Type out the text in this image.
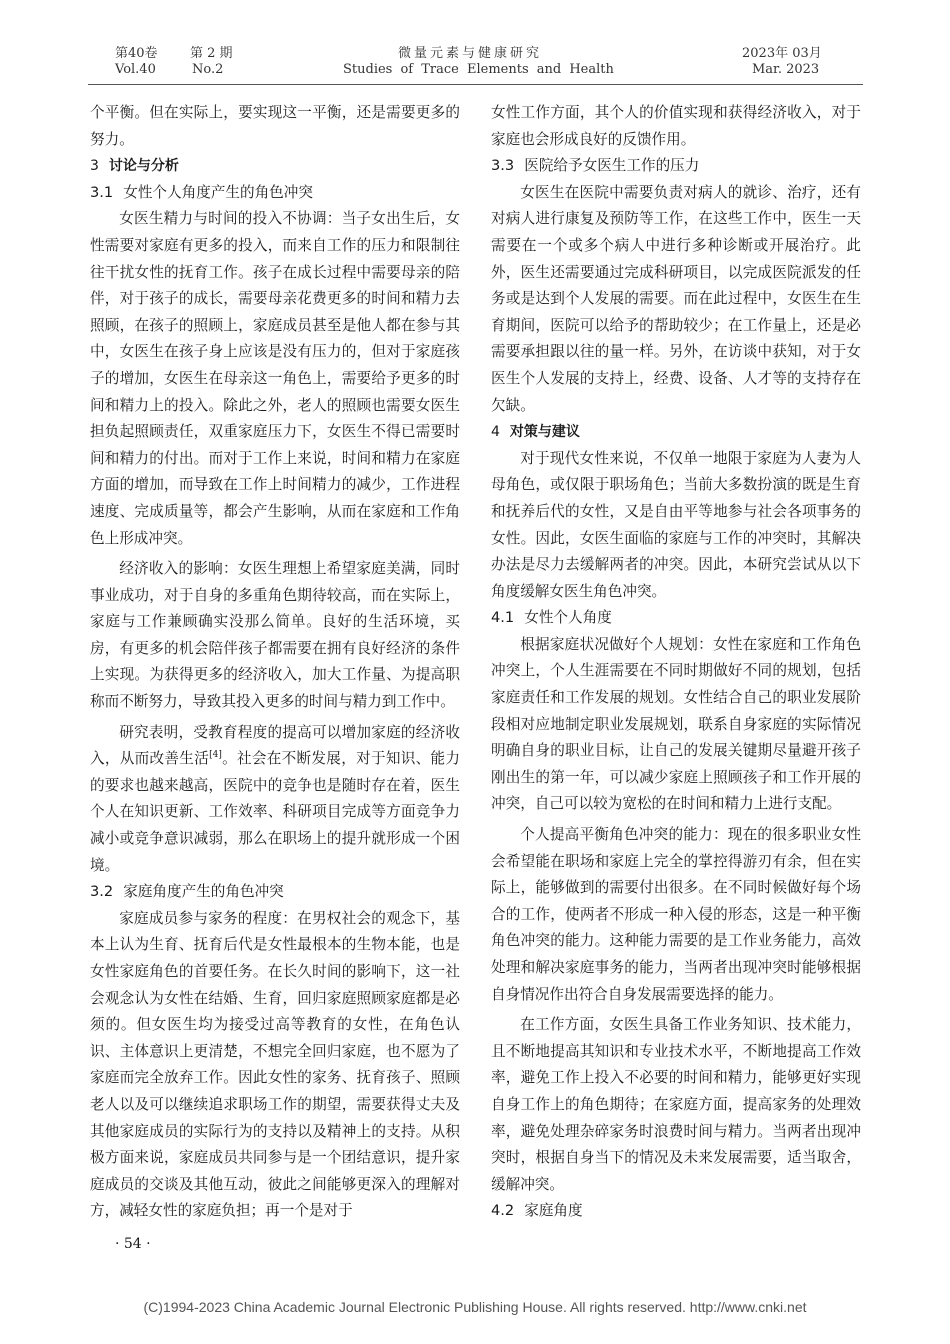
第40卷
Vol.40
第 2 期
No.2
微量元素与健康研究
Studies of Trace Elements and Health
2023年 03月
Mar. 2023

个平衡。但在实际上，要实现这一平衡，还是需要更多的努力。

3 讨论与分析
3.1 女性个人角度产生的角色冲突

女医生精力与时间的投入不协调：当子女出生后，女性需要对家庭有更多的投入，而来自工作的压力和限制往往干扰女性的抚育工作。孩子在成长过程中需要母亲的陪伴，对于孩子的成长，需要母亲花费更多的时间和精力去照顾，在孩子的照顾上，家庭成员甚至是他人都在参与其中，女医生在孩子身上应该是没有压力的，但对于家庭孩子的增加，女医生在母亲这一角色上，需要给予更多的时间和精力上的投入。除此之外，老人的照顾也需要女医生担负起照顾责任，双重家庭压力下，女医生不得已需要时间和精力的付出。而对于工作上来说，时间和精力在家庭方面的增加，而导致在工作上时间精力的减少，工作进程速度、完成质量等，都会产生影响，从而在家庭和工作角色上形成冲突。

经济收入的影响：女医生理想上希望家庭美满，同时事业成功，对于自身的多重角色期待较高，而在实际上，家庭与工作兼顾确实没那么简单。良好的生活环境，买房，有更多的机会陪伴孩子都需要在拥有良好经济的条件上实现。为获得更多的经济收入，加大工作量、为提高职称而不断努力，导致其投入更多的时间与精力到工作中。

研究表明，受教育程度的提高可以增加家庭的经济收入，从而改善生活[4]。社会在不断发展，对于知识、能力的要求也越来越高，医院中的竞争也是随时存在着，医生个人在知识更新、工作效率、科研项目完成等方面竞争力减小或竞争意识减弱，那么在职场上的提升就形成一个困境。

3.2 家庭角度产生的角色冲突

家庭成员参与家务的程度：在男权社会的观念下，基本上认为生育、抚育后代是女性最根本的生物本能，也是女性家庭角色的首要任务。在长久时间的影响下，这一社会观念认为女性在结婚、生育，回归家庭照顾家庭都是必须的。但女医生均为接受过高等教育的女性，在角色认识、主体意识上更清楚，不想完全回归家庭，也不愿为了家庭而完全放弃工作。因此女性的家务、抚育孩子、照顾老人以及可以继续追求职场工作的期望，需要获得丈夫及其他家庭成员的实际行为的支持以及精神上的支持。从积极方面来说，家庭成员共同参与是一个团结意识，提升家庭成员的交谈及其他互动，彼此之间能够更深入的理解对方，减轻女性的家庭负担；再一个是对于

女性工作方面，其个人的价值实现和获得经济收入，对于家庭也会形成良好的反馈作用。

3.3 医院给予女医生工作的压力

女医生在医院中需要负责对病人的就诊、治疗，还有对病人进行康复及预防等工作，在这些工作中，医生一天需要在一个或多个病人中进行多种诊断或开展治疗。此外，医生还需要通过完成科研项目，以完成医院派发的任务或是达到个人发展的需要。而在此过程中，女医生在生育期间，医院可以给予的帮助较少；在工作量上，还是必需要承担跟以往的量一样。另外，在访谈中获知，对于女医生个人发展的支持上，经费、设备、人才等的支持存在欠缺。

4 对策与建议

对于现代女性来说，不仅单一地限于家庭为人妻为人母角色，或仅限于职场角色；当前大多数扮演的既是生育和抚养后代的女性，又是自由平等地参与社会各项事务的女性。因此，女医生面临的家庭与工作的冲突时，其解决办法是尽力去缓解两者的冲突。因此，本研究尝试从以下角度缓解女医生角色冲突。

4.1 女性个人角度

根据家庭状况做好个人规划：女性在家庭和工作角色冲突上，个人生涯需要在不同时期做好不同的规划，包括家庭责任和工作发展的规划。女性结合自己的职业发展阶段相对应地制定职业发展规划，联系自身家庭的实际情况明确自身的职业目标，让自己的发展关键期尽量避开孩子刚出生的第一年，可以减少家庭上照顾孩子和工作开展的冲突，自己可以较为宽松的在时间和精力上进行支配。

个人提高平衡角色冲突的能力：现在的很多职业女性会希望能在职场和家庭上完全的掌控得游刃有余，但在实际上，能够做到的需要付出很多。在不同时候做好每个场合的工作，使两者不形成一种入侵的形态，这是一种平衡角色冲突的能力。这种能力需要的是工作业务能力，高效处理和解决家庭事务的能力，当两者出现冲突时能够根据自身情况作出符合自身发展需要选择的能力。

在工作方面，女医生具备工作业务知识、技术能力，且不断地提高其知识和专业技术水平，不断地提高工作效率，避免工作上投入不必要的时间和精力，能够更好实现自身工作上的角色期待；在家庭方面，提高家务的处理效率，避免处理杂碎家务时浪费时间与精力。当两者出现冲突时，根据自身当下的情况及未来发展需要，适当取舍，缓解冲突。

4.2 家庭角度
· 54 ·
(C)1994-2023 China Academic Journal Electronic Publishing House. All rights reserved. http://www.cnki.net
